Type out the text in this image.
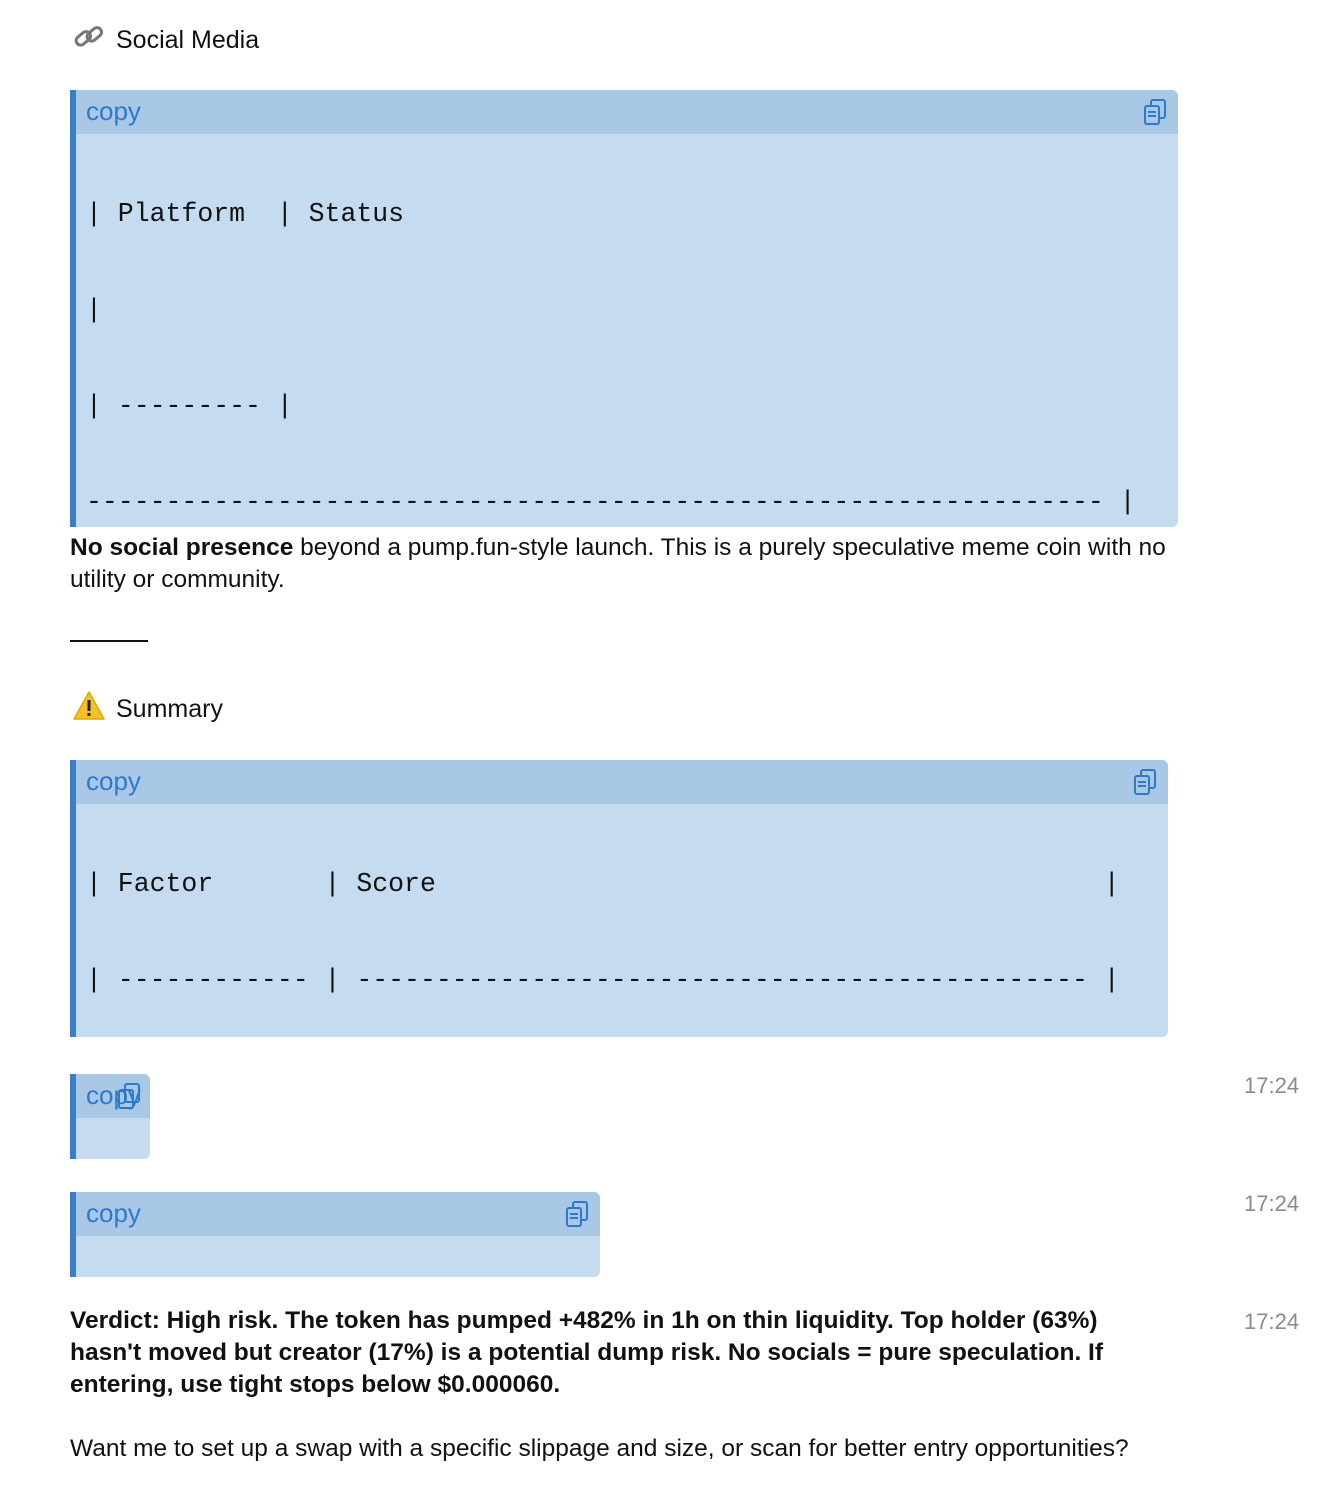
Social Media
copy

| Platform  | Status

|

| --------- |

---------------------------------------------------------------- |

No social presence beyond a pump.fun-style launch. This is a purely speculative meme coin with no utility or community.
Summary
copy

| Factor       | Score                                          |

| ------------ | ---------------------------------------------- |

copy

	17:24
copy

	17:24
Verdict: High risk. The token has pumped +482% in 1h on thin liquidity. Top holder (63%) hasn't moved but creator (17%) is a potential dump risk. No socials = pure speculation. If entering, use tight stops below $0.000060.
17:24
Want me to set up a swap with a specific slippage and size, or scan for better entry opportunities?
